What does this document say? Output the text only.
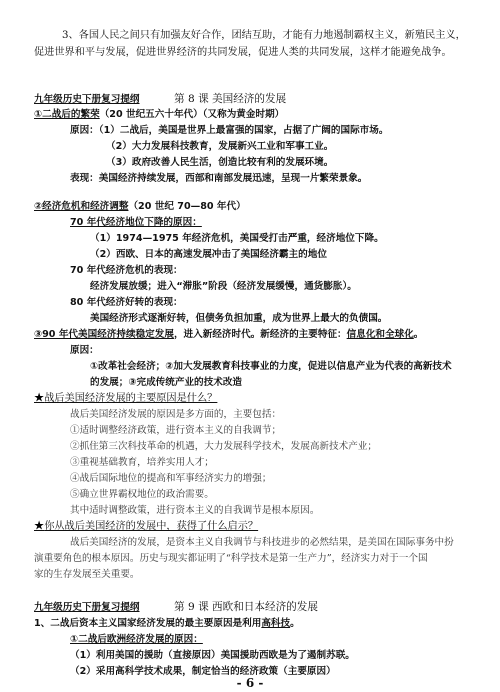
3、各国人民之间只有加强友好合作，团结互助，才能有力地遏制霸权主义，新殖民主义，
促进世界和平与发展，促进世界经济的共同发展，促进人类的共同发展，这样才能避免战争。
九年级历史下册复习提纲	第 8 课 美国经济的发展
①二战后的繁荣（20 世纪五六十年代）（又称为黄金时期）
原因：（1）二战后，美国是世界上最富强的国家，占据了广阔的国际市场。
（2）大力发展科技教育，发展新兴工业和军事工业。
（3）政府改善人民生活，创造比较有利的发展环境。
表现：美国经济持续发展，西部和南部发展迅速，呈现一片繁荣景象。
②经济危机和经济调整（20 世纪 70—80 年代）
70 年代经济地位下降的原因：
（1）1974—1975 年经济危机，美国受打击严重，经济地位下降。
（2）西欧、日本的高速发展冲击了美国经济霸主的地位
70 年代经济危机的表现：
经济发展放缓；进入“滞胀”阶段（经济发展缓慢，通货膨胀）。
80 年代经济好转的表现：
美国经济形式逐渐好转，但债务负担加重，成为世界上最大的负债国。
③90 年代美国经济持续稳定发展，进入新经济时代。新经济的主要特征：信息化和全球化。
原因：
①改革社会经济；②加大发展教育科技事业的力度，促进以信息产业为代表的高新技术
的发展；③完成传统产业的技术改造
★战后美国经济发展的主要原因是什么？
战后美国经济发展的原因是多方面的，主要包括：
①适时调整经济政策，进行资本主义的自我调节；
②抓住第三次科技革命的机遇，大力发展科学技术，发展高新技术产业；
③重视基础教育，培养实用人才；
④战后国际地位的提高和军事经济实力的增强；
⑤确立世界霸权地位的政治需要。
其中适时调整政策，进行资本主义的自我调节是根本原因。
★你从战后美国经济的发展中，获得了什么启示？
战后美国经济的发展，是资本主义自我调节与科技进步的必然结果，是美国在国际事务中扮
演重要角色的根本原因。历史与现实都证明了“科学技术是第一生产力”，经济实力对于一个国
家的生存发展至关重要。
九年级历史下册复习提纲	第 9 课 西欧和日本经济的发展
1、二战后资本主义国家经济发展的最主要原因是利用高科技。
①二战后欧洲经济发展的原因：
（1）利用美国的援助（直接原因）美国援助西欧是为了遏制苏联。
（2）采用高科学技术成果，制定恰当的经济政策（主要原因）
- 6 -
